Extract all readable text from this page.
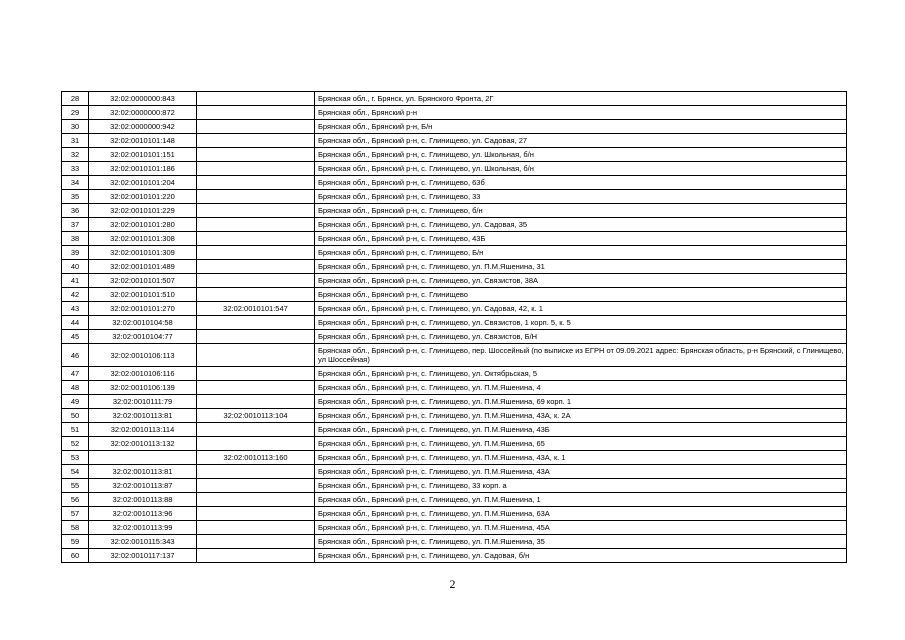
28	32:02:0000000:843		Брянская обл., г. Брянск, ул. Брянского Фронта, 2Г
29	32:02:0000000:872		Брянская обл., Брянский р-н
30	32:02:0000000:942		Брянская обл., Брянский р-н, Б/н
31	32:02:0010101:148		Брянская обл., Брянский р-н, с. Глинищево, ул. Садовая, 27
32	32:02:0010101:151		Брянская обл., Брянский р-н, с. Глинищево, ул. Школьная, б/н
33	32:02:0010101:186		Брянская обл., Брянский р-н, с. Глинищево, ул. Школьная, б/н
34	32:02:0010101:204		Брянская обл., Брянский р-н, с. Глинищево, 63б
35	32:02:0010101:220		Брянская обл., Брянский р-н, с. Глинищево, 33
36	32:02:0010101:229		Брянская обл., Брянский р-н, с. Глинищево, б/н
37	32:02:0010101:280		Брянская обл., Брянский р-н, с. Глинищево, ул. Садовая, 35
38	32:02:0010101:308		Брянская обл., Брянский р-н, с. Глинищево, 43Б
39	32:02:0010101:309		Брянская обл., Брянский р-н, с. Глинищево, Б/н
40	32:02:0010101:489		Брянская обл., Брянский р-н, с. Глинищево, ул. П.М.Яшенина, 31
41	32:02:0010101:507		Брянская обл., Брянский р-н, с. Глинищево, ул. Связистов, 38А
42	32:02:0010101:510		Брянская обл., Брянский р-н, с. Глинищево
43	32:02:0010101:270	32:02:0010101:547	Брянская обл., Брянский р-н, с. Глинищево, ул. Садовая, 42, к. 1
44	32:02:0010104:58		Брянская обл., Брянский р-н, с. Глинищево, ул. Связистов, 1 корп. 5, к. 5
45	32:02:0010104:77		Брянская обл., Брянский р-н, с. Глинищево, ул. Связистов, Б/Н
46	32:02:0010106:113		Брянская обл., Брянский р-н, с. Глинищево, пер. Шоссейный (по выписке из ЕГРН от 09.09.2021 адрес: Брянская область, р-н Брянский, с Глинищево, ул Шоссейная)
47	32:02:0010106:116		Брянская обл., Брянский р-н, с. Глинищево, ул. Октябрьская, 5
48	32:02:0010106:139		Брянская обл., Брянский р-н, с. Глинищево, ул. П.М.Яшенина, 4
49	32:02:0010111:79		Брянская обл., Брянский р-н, с. Глинищево, ул. П.М.Яшенина, 69 корп. 1
50	32:02:0010113:81	32:02:0010113:104	Брянская обл., Брянский р-н, с. Глинищево, ул. П.М.Яшенина, 43А, к. 2А
51	32:02:0010113:114		Брянская обл., Брянский р-н, с. Глинищево, ул. П.М.Яшенина, 43Б
52	32:02:0010113:132		Брянская обл., Брянский р-н, с. Глинищево, ул. П.М.Яшенина, 65
53		32:02:0010113:160	Брянская обл., Брянский р-н, с. Глинищево, ул. П.М.Яшенина, 43А, к. 1
54	32:02:0010113:81		Брянская обл., Брянский р-н, с. Глинищево, ул. П.М.Яшенина, 43А
55	32:02:0010113:87		Брянская обл., Брянский р-н, с. Глинищево, 33 корп. а
56	32:02:0010113:88		Брянская обл., Брянский р-н, с. Глинищево, ул. П.М.Яшенина, 1
57	32:02:0010113:96		Брянская обл., Брянский р-н, с. Глинищево, ул. П.М.Яшенина, 63А
58	32:02:0010113:99		Брянская обл., Брянский р-н, с. Глинищево, ул. П.М.Яшенина, 45А
59	32:02:0010115:343		Брянская обл., Брянский р-н, с. Глинищево, ул. П.М.Яшенина, 35
60	32:02:0010117:137		Брянская обл., Брянский р-н, с. Глинищево, ул. Садовая, б/н
2
